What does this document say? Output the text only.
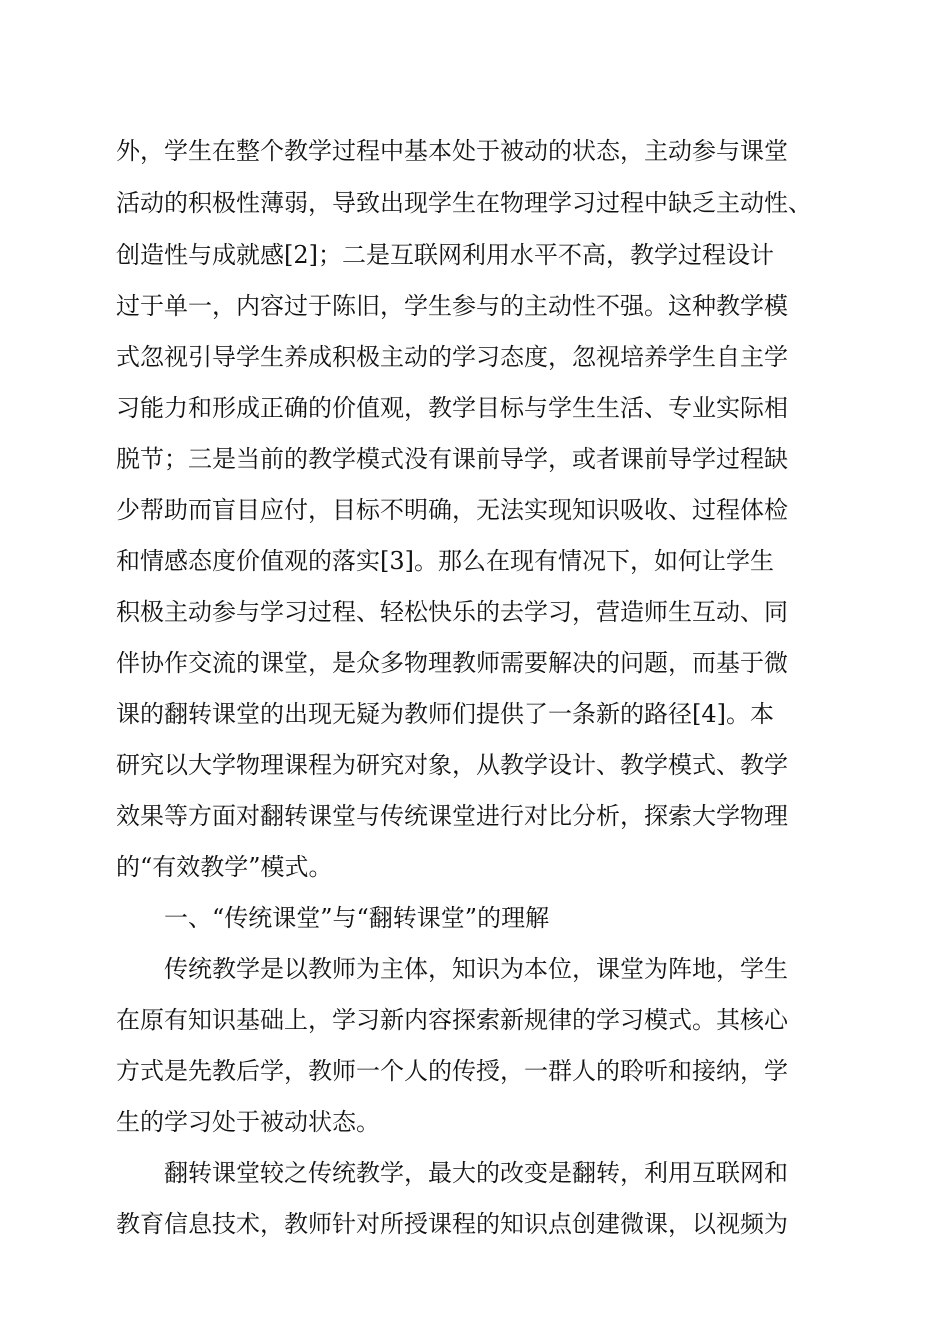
外，学生在整个教学过程中基本处于被动的状态，主动参与课堂
活动的积极性薄弱，导致出现学生在物理学习过程中缺乏主动性、
创造性与成就感[2]；二是互联网利用水平不高，教学过程设计
过于单一，内容过于陈旧，学生参与的主动性不强。这种教学模
式忽视引导学生养成积极主动的学习态度，忽视培养学生自主学
习能力和形成正确的价值观，教学目标与学生生活、专业实际相
脱节；三是当前的教学模式没有课前导学，或者课前导学过程缺
少帮助而盲目应付，目标不明确，无法实现知识吸收、过程体检
和情感态度价值观的落实[3]。那么在现有情况下，如何让学生
积极主动参与学习过程、轻松快乐的去学习，营造师生互动、同
伴协作交流的课堂，是众多物理教师需要解决的问题，而基于微
课的翻转课堂的出现无疑为教师们提供了一条新的路径[4]。本
研究以大学物理课程为研究对象，从教学设计、教学模式、教学
效果等方面对翻转课堂与传统课堂进行对比分析，探索大学物理
的“有效教学”模式。
一、“传统课堂”与“翻转课堂”的理解
传统教学是以教师为主体，知识为本位，课堂为阵地，学生
在原有知识基础上，学习新内容探索新规律的学习模式。其核心
方式是先教后学，教师一个人的传授，一群人的聆听和接纳，学
生的学习处于被动状态。
翻转课堂较之传统教学，最大的改变是翻转，利用互联网和
教育信息技术，教师针对所授课程的知识点创建微课，以视频为
